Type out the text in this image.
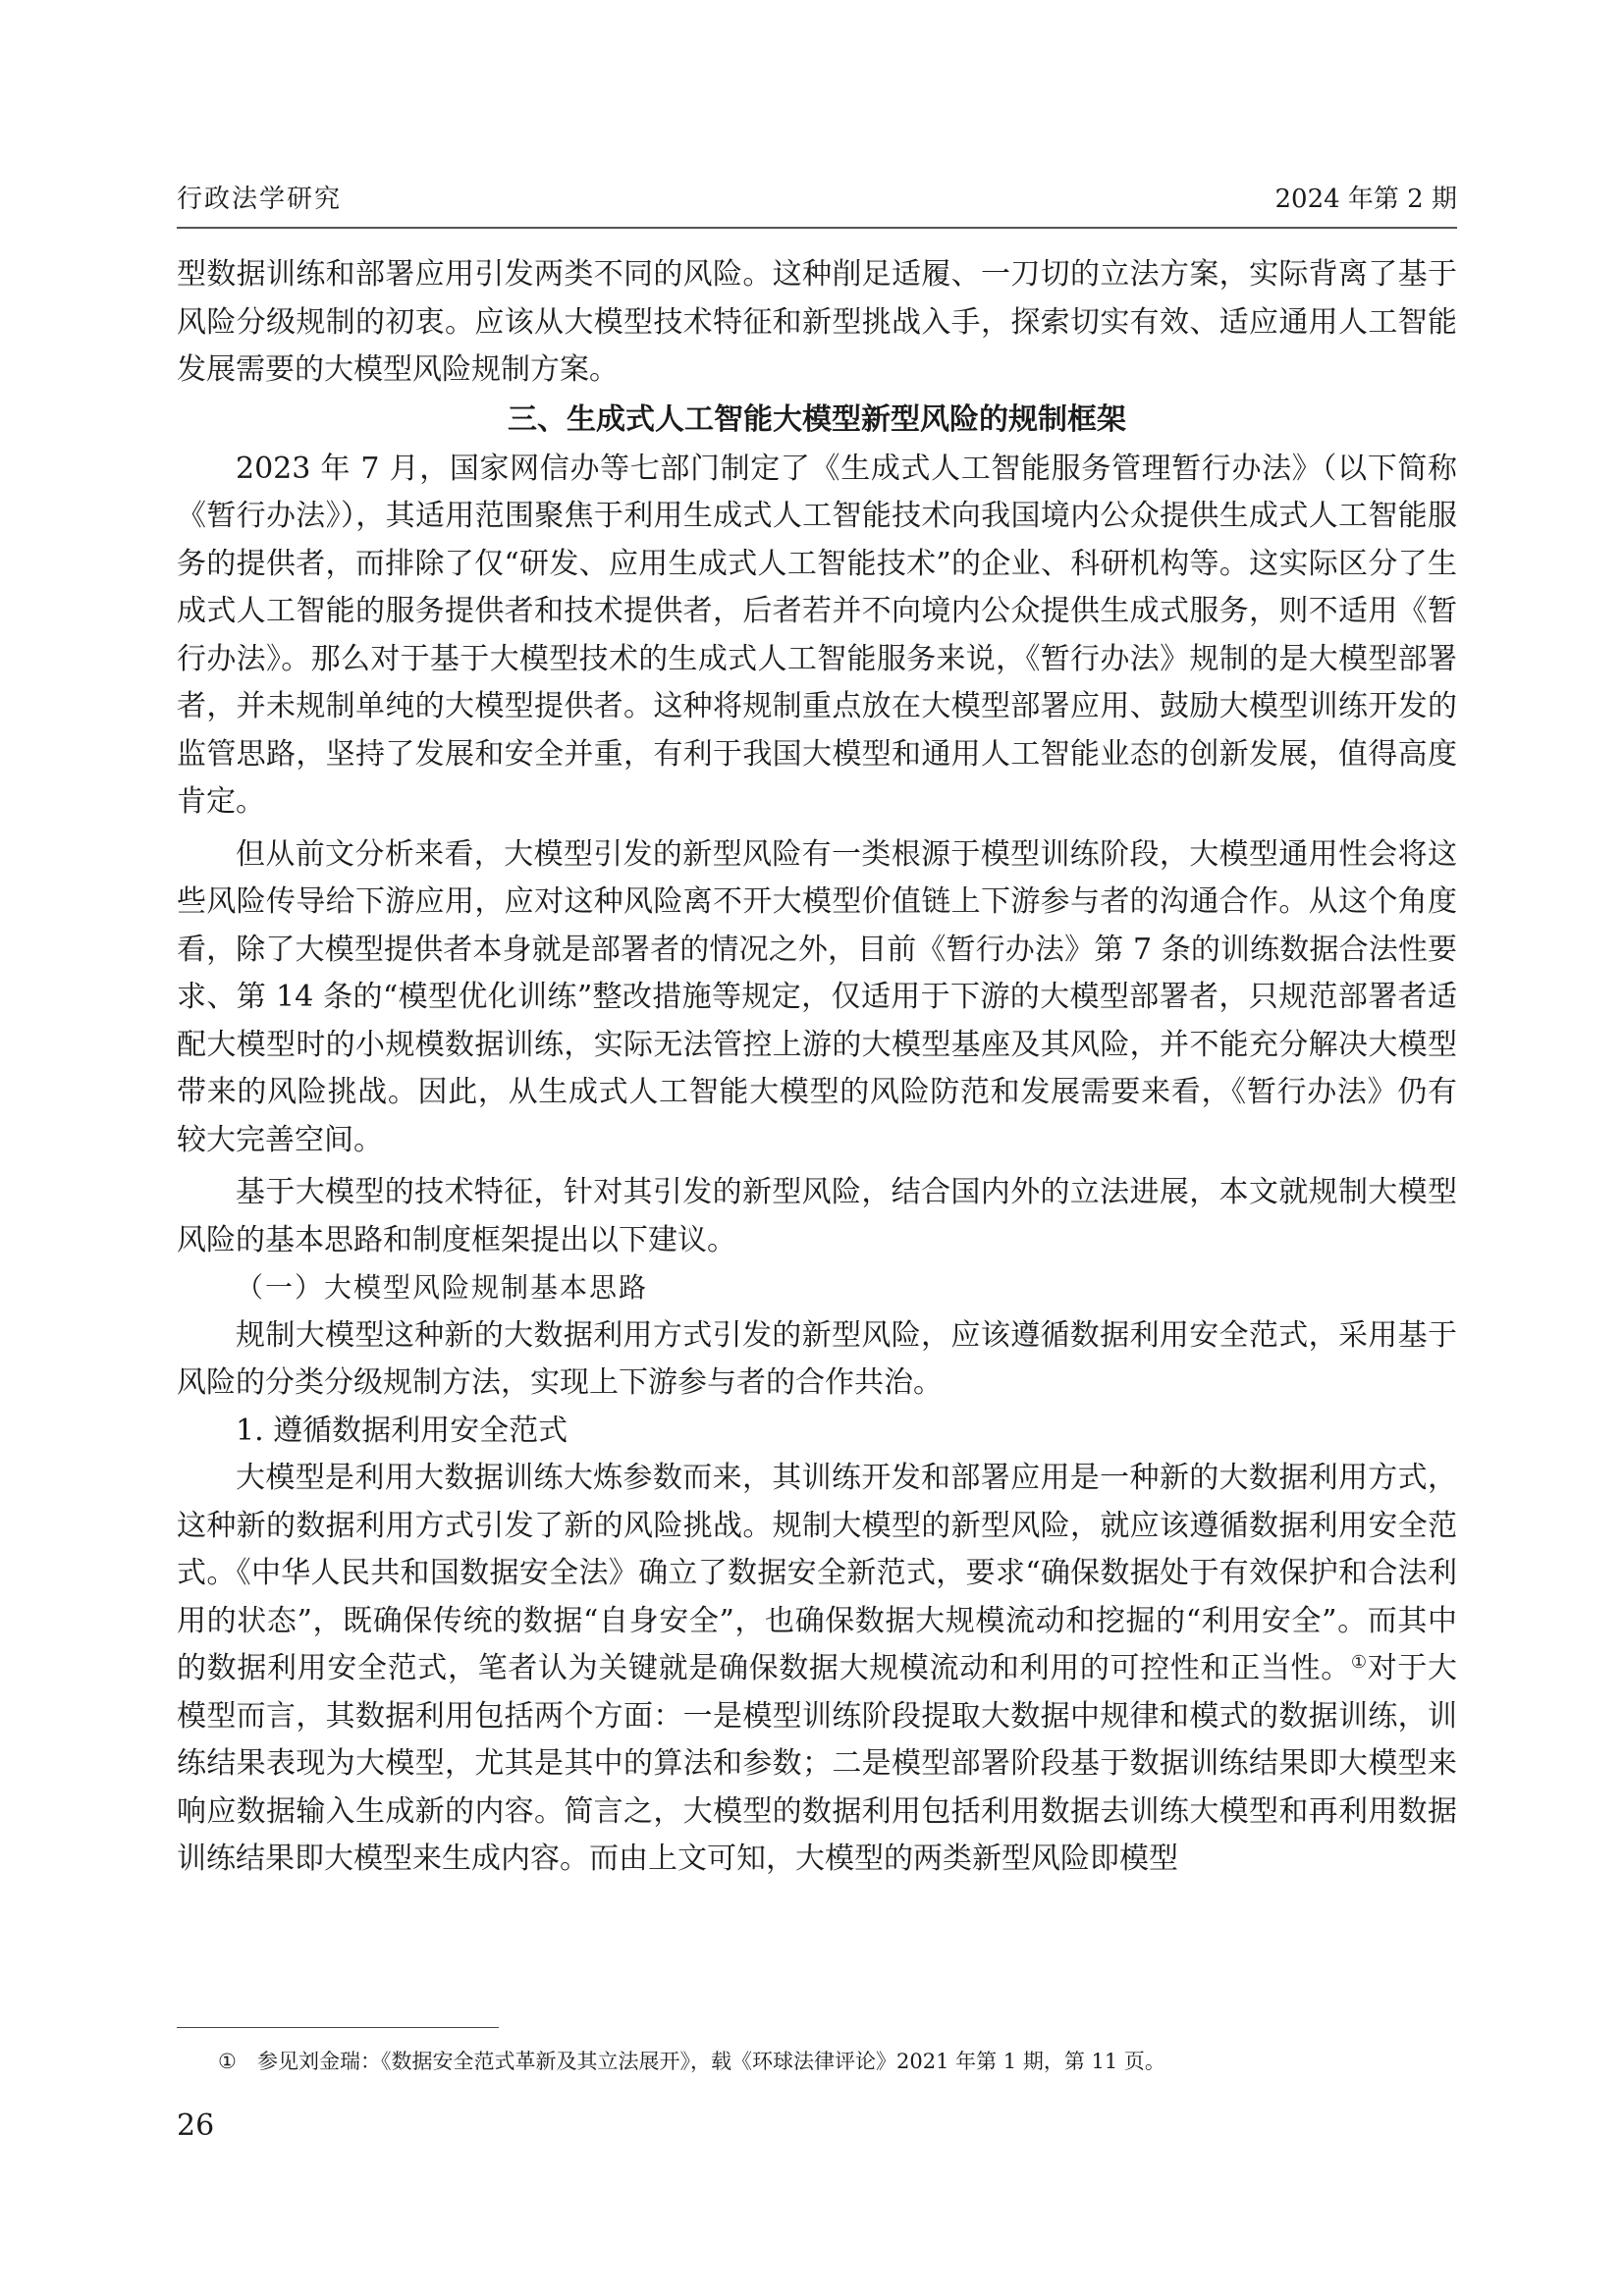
行政法学研究	2024 年第 2 期

型数据训练和部署应用引发两类不同的风险。这种削足适履、一刀切的立法方案，实际背离了基于风险分级规制的初衷。应该从大模型技术特征和新型挑战入手，探索切实有效、适应通用人工智能发展需要的大模型风险规制方案。

三、生成式人工智能大模型新型风险的规制框架

2023 年 7 月，国家网信办等七部门制定了《生成式人工智能服务管理暂行办法》（以下简称《暂行办法》），其适用范围聚焦于利用生成式人工智能技术向我国境内公众提供生成式人工智能服务的提供者，而排除了仅“研发、应用生成式人工智能技术”的企业、科研机构等。这实际区分了生成式人工智能的服务提供者和技术提供者，后者若并不向境内公众提供生成式服务，则不适用《暂行办法》。那么对于基于大模型技术的生成式人工智能服务来说，《暂行办法》规制的是大模型部署者，并未规制单纯的大模型提供者。这种将规制重点放在大模型部署应用、鼓励大模型训练开发的监管思路，坚持了发展和安全并重，有利于我国大模型和通用人工智能业态的创新发展，值得高度肯定。

但从前文分析来看，大模型引发的新型风险有一类根源于模型训练阶段，大模型通用性会将这些风险传导给下游应用，应对这种风险离不开大模型价值链上下游参与者的沟通合作。从这个角度看，除了大模型提供者本身就是部署者的情况之外，目前《暂行办法》第 7 条的训练数据合法性要求、第 14 条的“模型优化训练”整改措施等规定，仅适用于下游的大模型部署者，只规范部署者适配大模型时的小规模数据训练，实际无法管控上游的大模型基座及其风险，并不能充分解决大模型带来的风险挑战。因此，从生成式人工智能大模型的风险防范和发展需要来看，《暂行办法》仍有较大完善空间。

基于大模型的技术特征，针对其引发的新型风险，结合国内外的立法进展，本文就规制大模型风险的基本思路和制度框架提出以下建议。

（一）大模型风险规制基本思路

规制大模型这种新的大数据利用方式引发的新型风险，应该遵循数据利用安全范式，采用基于风险的分类分级规制方法，实现上下游参与者的合作共治。

1. 遵循数据利用安全范式

大模型是利用大数据训练大炼参数而来，其训练开发和部署应用是一种新的大数据利用方式，这种新的数据利用方式引发了新的风险挑战。规制大模型的新型风险，就应该遵循数据利用安全范式。《中华人民共和国数据安全法》确立了数据安全新范式，要求“确保数据处于有效保护和合法利用的状态”，既确保传统的数据“自身安全”，也确保数据大规模流动和挖掘的“利用安全”。而其中的数据利用安全范式，笔者认为关键就是确保数据大规模流动和利用的可控性和正当性。①对于大模型而言，其数据利用包括两个方面：一是模型训练阶段提取大数据中规律和模式的数据训练，训练结果表现为大模型，尤其是其中的算法和参数；二是模型部署阶段基于数据训练结果即大模型来响应数据输入生成新的内容。简言之，大模型的数据利用包括利用数据去训练大模型和再利用数据训练结果即大模型来生成内容。而由上文可知，大模型的两类新型风险即模型

① 参见刘金瑞：《数据安全范式革新及其立法展开》，载《环球法律评论》2021 年第 1 期，第 11 页。
26
